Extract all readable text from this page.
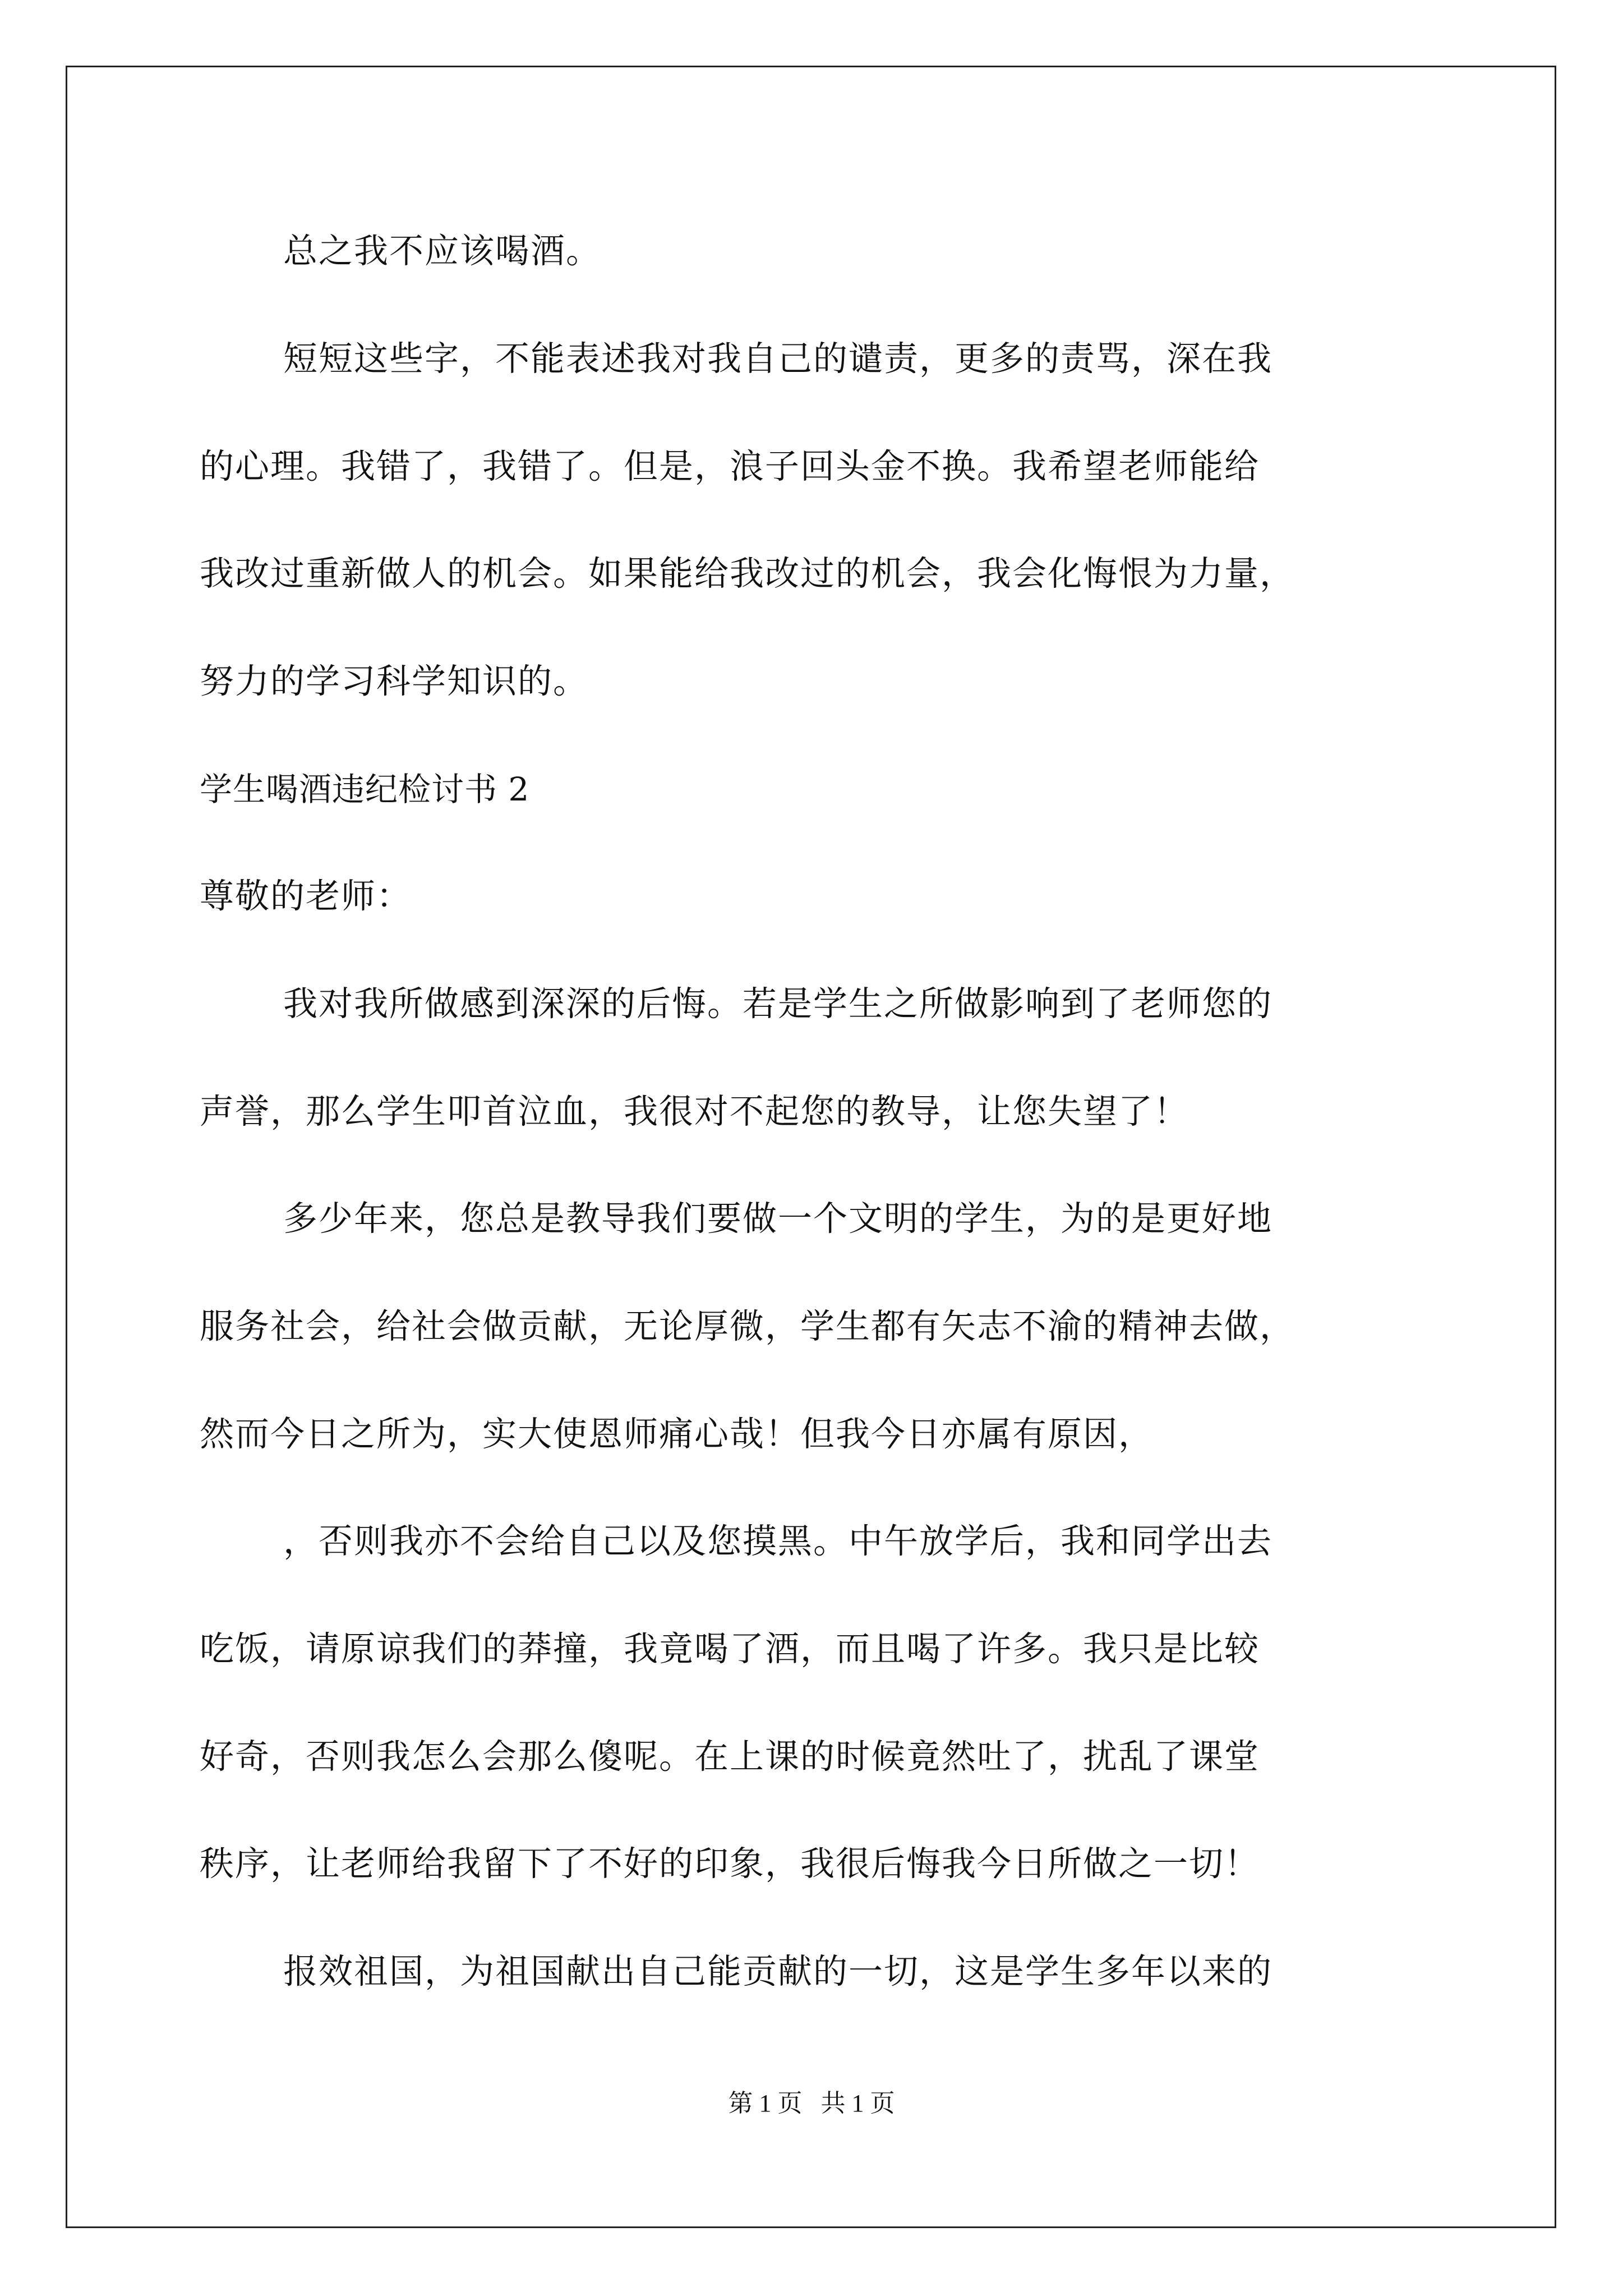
总之我不应该喝酒。
短短这些字，不能表述我对我自己的谴责，更多的责骂，深在我
的心理。我错了，我错了。但是，浪子回头金不换。我希望老师能给
我改过重新做人的机会。如果能给我改过的机会，我会化悔恨为力量，
努力的学习科学知识的。
学生喝酒违纪检讨书 2
尊敬的老师：
我对我所做感到深深的后悔。若是学生之所做影响到了老师您的
声誉，那么学生叩首泣血，我很对不起您的教导，让您失望了！
多少年来，您总是教导我们要做一个文明的学生，为的是更好地
服务社会，给社会做贡献，无论厚微，学生都有矢志不渝的精神去做，
然而今日之所为，实大使恩师痛心哉！但我今日亦属有原因，
，否则我亦不会给自己以及您摸黑。中午放学后，我和同学出去
吃饭，请原谅我们的莽撞，我竟喝了酒，而且喝了许多。我只是比较
好奇，否则我怎么会那么傻呢。在上课的时候竟然吐了，扰乱了课堂
秩序，让老师给我留下了不好的印象，我很后悔我今日所做之一切！
报效祖国，为祖国献出自己能贡献的一切，这是学生多年以来的
第 1 页   共 1 页
